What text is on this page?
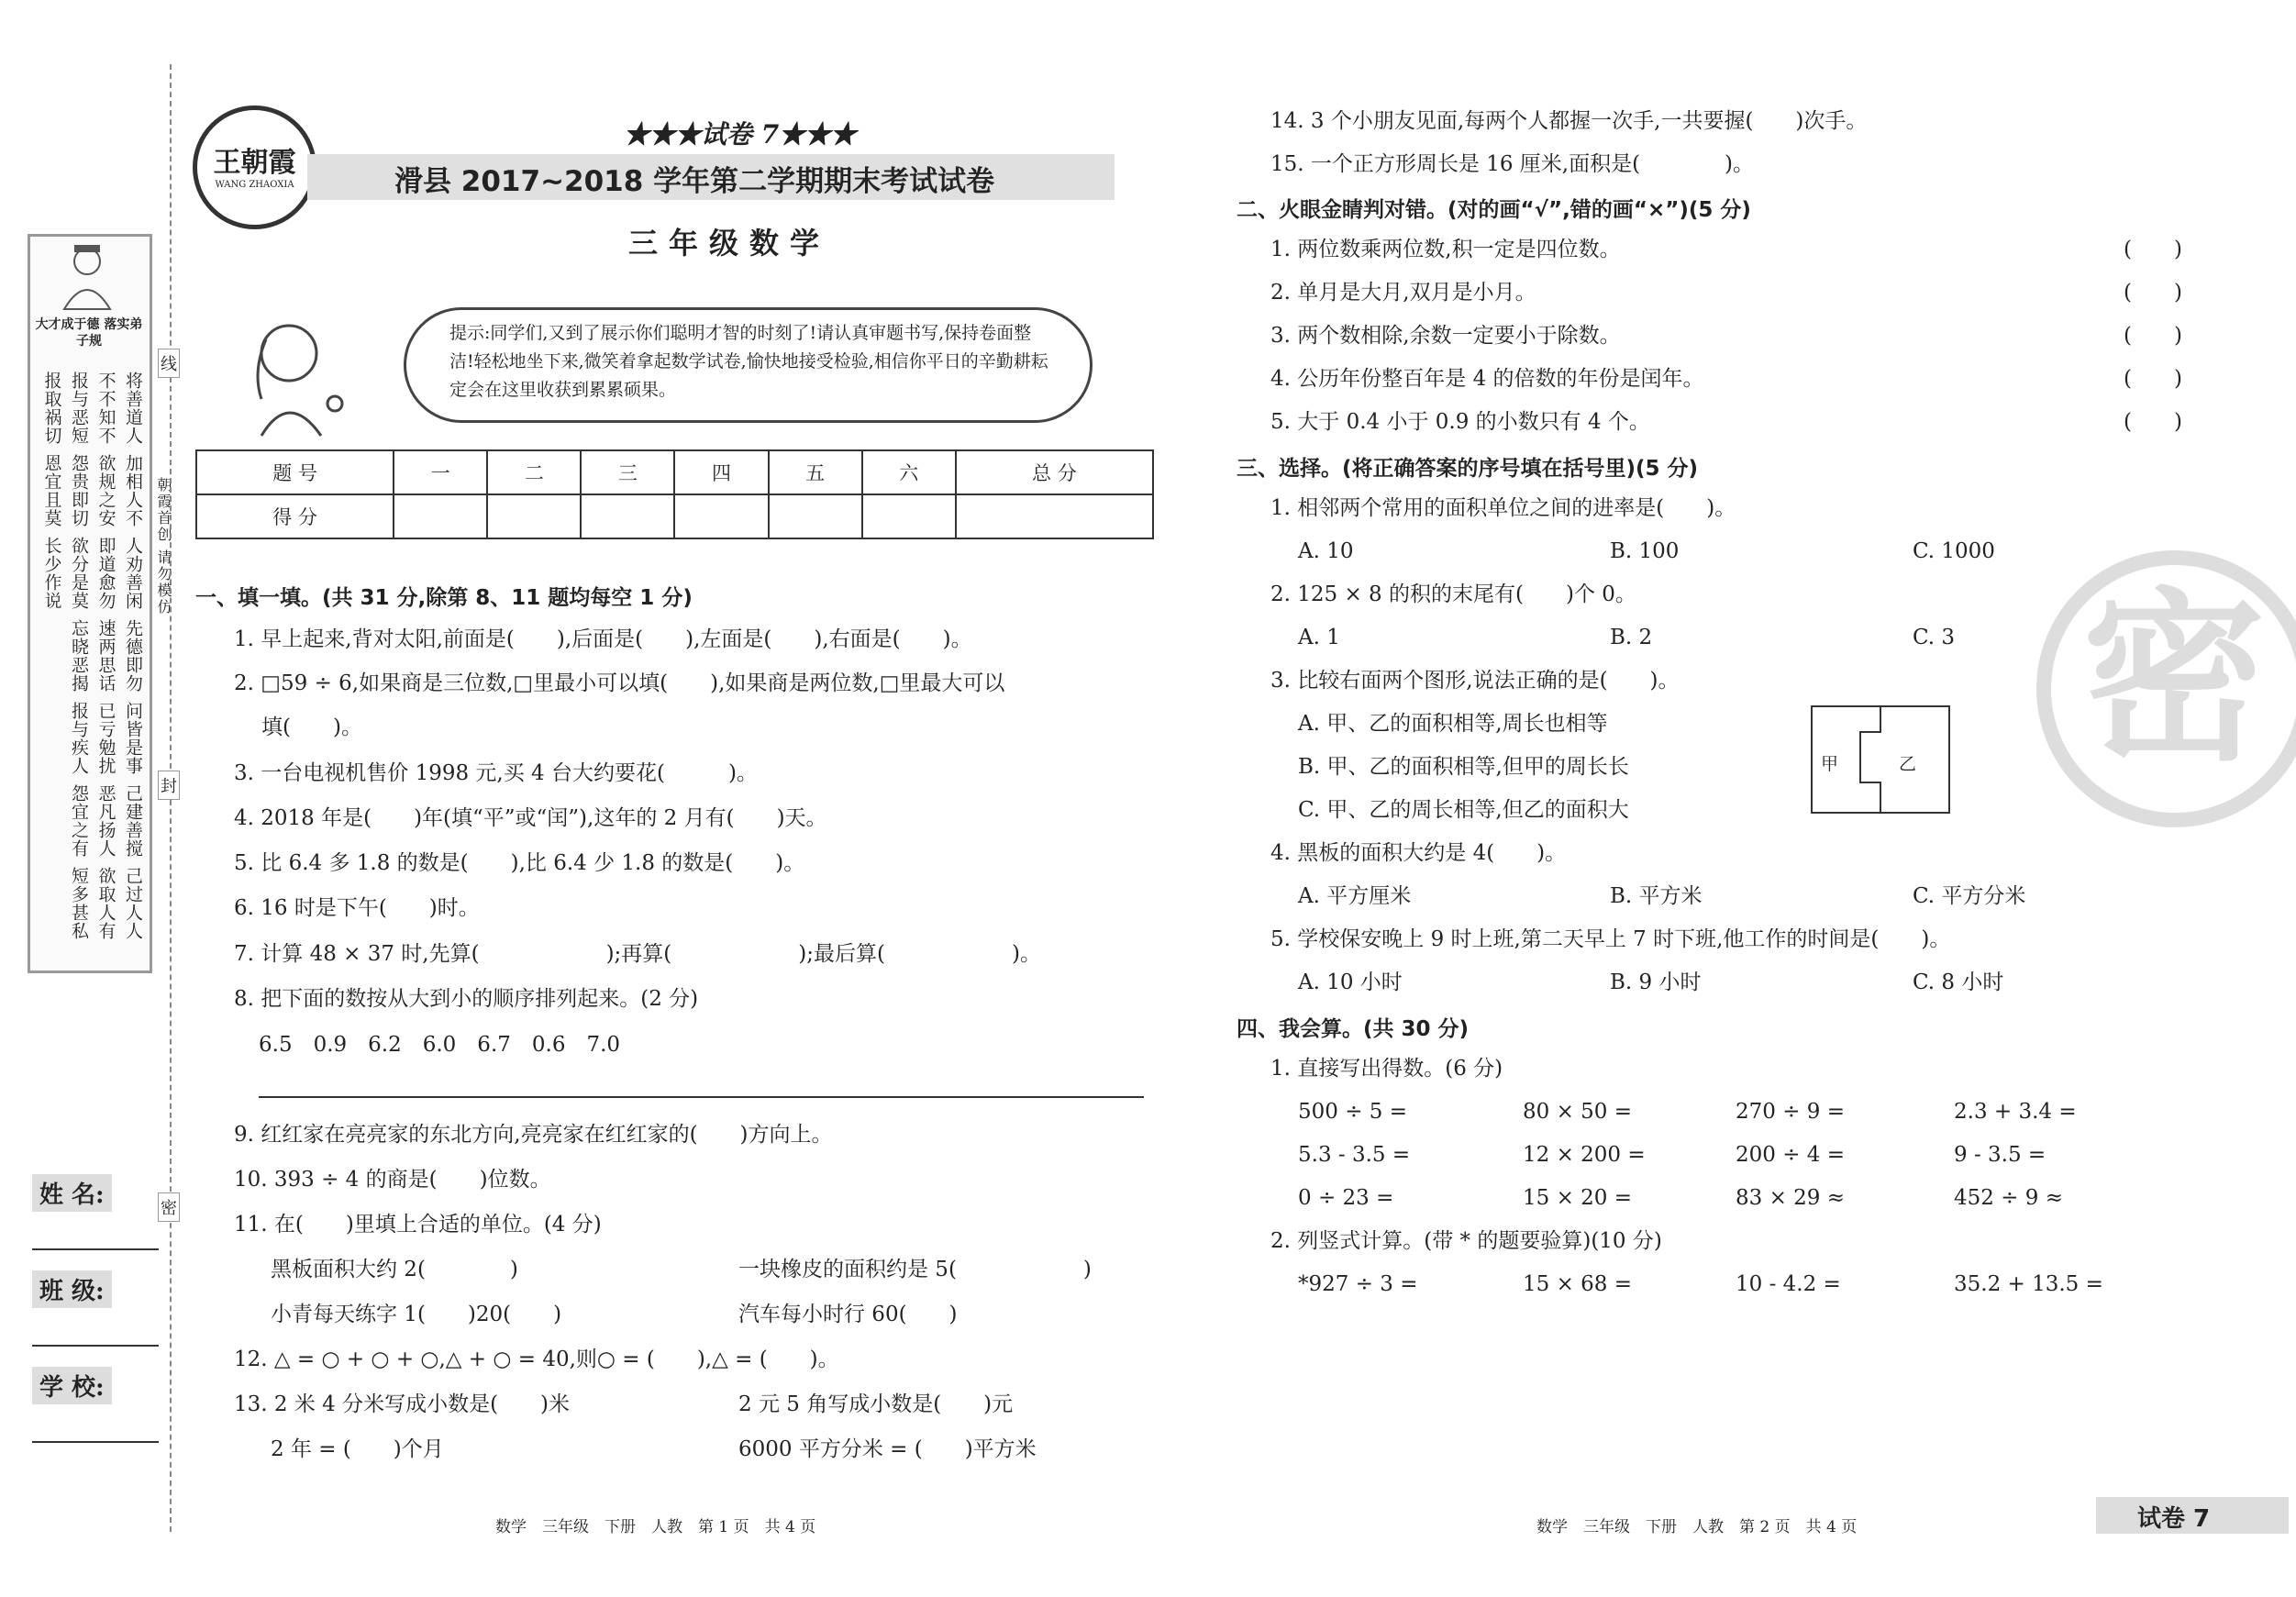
大才成于德 落实弟子规
将善道人
加相人不
人劝善闲
先德即勿
问皆是事
己建善搅
己过人人
不不知不
欲规之安
即道愈勿
速两思话
已亏勉扰
恶凡扬人
欲取人有
报与恶短
怨贵即切
欲分是莫
忘晓恶揭
报与疾人
怨宜之有
短多甚私
报取祸切
恩宜且莫
长少作说	朝霞首创 请勿模仿
线
封
密
姓 名:
班 级:
学 校:
王朝霞
WANG ZHAOXIA
★★★试卷 7★★★
滑县 2017~2018 学年第二学期期末考试试卷
三年级数学
提示:同学们,又到了展示你们聪明才智的时刻了!请认真审题书写,保持卷面整洁!轻松地坐下来,微笑着拿起数学试卷,愉快地接受检验,相信你平日的辛勤耕耘定会在这里收获到累累硕果。
题 号	一	二	三	四	五	六	总 分
得 分							
一、填一填。(共 31 分,除第 8、11 题均每空 1 分)
1. 早上起来,背对太阳,前面是(　　),后面是(　　),左面是(　　),右面是(　　)。
2. □59 ÷ 6,如果商是三位数,□里最小可以填(　　),如果商是两位数,□里最大可以
填(　　)。
3. 一台电视机售价 1998 元,买 4 台大约要花(　　　)。
4. 2018 年是(　　)年(填“平”或“闰”),这年的 2 月有(　　)天。
5. 比 6.4 多 1.8 的数是(　　),比 6.4 少 1.8 的数是(　　)。
6. 16 时是下午(　　)时。
7. 计算 48 × 37 时,先算(　　　　　　);再算(　　　　　　);最后算(　　　　　　)。
8. 把下面的数按从大到小的顺序排列起来。(2 分)
6.5　0.9　6.2　6.0　6.7　0.6　7.0
9. 红红家在亮亮家的东北方向,亮亮家在红红家的(　　)方向上。
10. 393 ÷ 4 的商是(　　)位数。
11. 在(　　)里填上合适的单位。(4 分)
黑板面积大约 2(　　　　)	一块橡皮的面积约是 5(　　　　　　)
小青每天练字 1(　　)20(　　)	汽车每小时行 60(　　)
12. △ = ○ + ○ + ○,△ + ○ = 40,则○ = (　　),△ = (　　)。
13. 2 米 4 分米写成小数是(　　)米	2 元 5 角写成小数是(　　)元
2 年 = (　　)个月	6000 平方分米 = (　　)平方米
数学　三年级　下册　人教　第 1 页　共 4 页
14. 3 个小朋友见面,每两个人都握一次手,一共要握(　　)次手。
15. 一个正方形周长是 16 厘米,面积是(　　　　)。
二、火眼金睛判对错。(对的画“√”,错的画“×”)(5 分)
1. 两位数乘两位数,积一定是四位数。
2. 单月是大月,双月是小月。
3. 两个数相除,余数一定要小于除数。
4. 公历年份整百年是 4 的倍数的年份是闰年。
5. 大于 0.4 小于 0.9 的小数只有 4 个。
(　　)
(　　)
(　　)
(　　)
(　　)
三、选择。(将正确答案的序号填在括号里)(5 分)
1. 相邻两个常用的面积单位之间的进率是(　　)。
A. 10	B. 100	C. 1000
2. 125 × 8 的积的末尾有(　　)个 0。
A. 1	B. 2	C. 3
3. 比较右面两个图形,说法正确的是(　　)。
A. 甲、乙的面积相等,周长也相等
B. 甲、乙的面积相等,但甲的周长长
C. 甲、乙的周长相等,但乙的面积大
甲	乙
4. 黑板的面积大约是 4(　　)。
A. 平方厘米	B. 平方米	C. 平方分米
5. 学校保安晚上 9 时上班,第二天早上 7 时下班,他工作的时间是(　　)。
A. 10 小时	B. 9 小时	C. 8 小时
四、我会算。(共 30 分)
1. 直接写出得数。(6 分)
500 ÷ 5 =	80 × 50 =	270 ÷ 9 =	2.3 + 3.4 =
5.3 - 3.5 =	12 × 200 =	200 ÷ 4 =	9 - 3.5 =
0 ÷ 23 =	15 × 20 =	83 × 29 ≈	452 ÷ 9 ≈
2. 列竖式计算。(带 * 的题要验算)(10 分)
*927 ÷ 3 =	15 × 68 =	10 - 4.2 =	35.2 + 13.5 =
密
数学　三年级　下册　人教　第 2 页　共 4 页	试卷 7
